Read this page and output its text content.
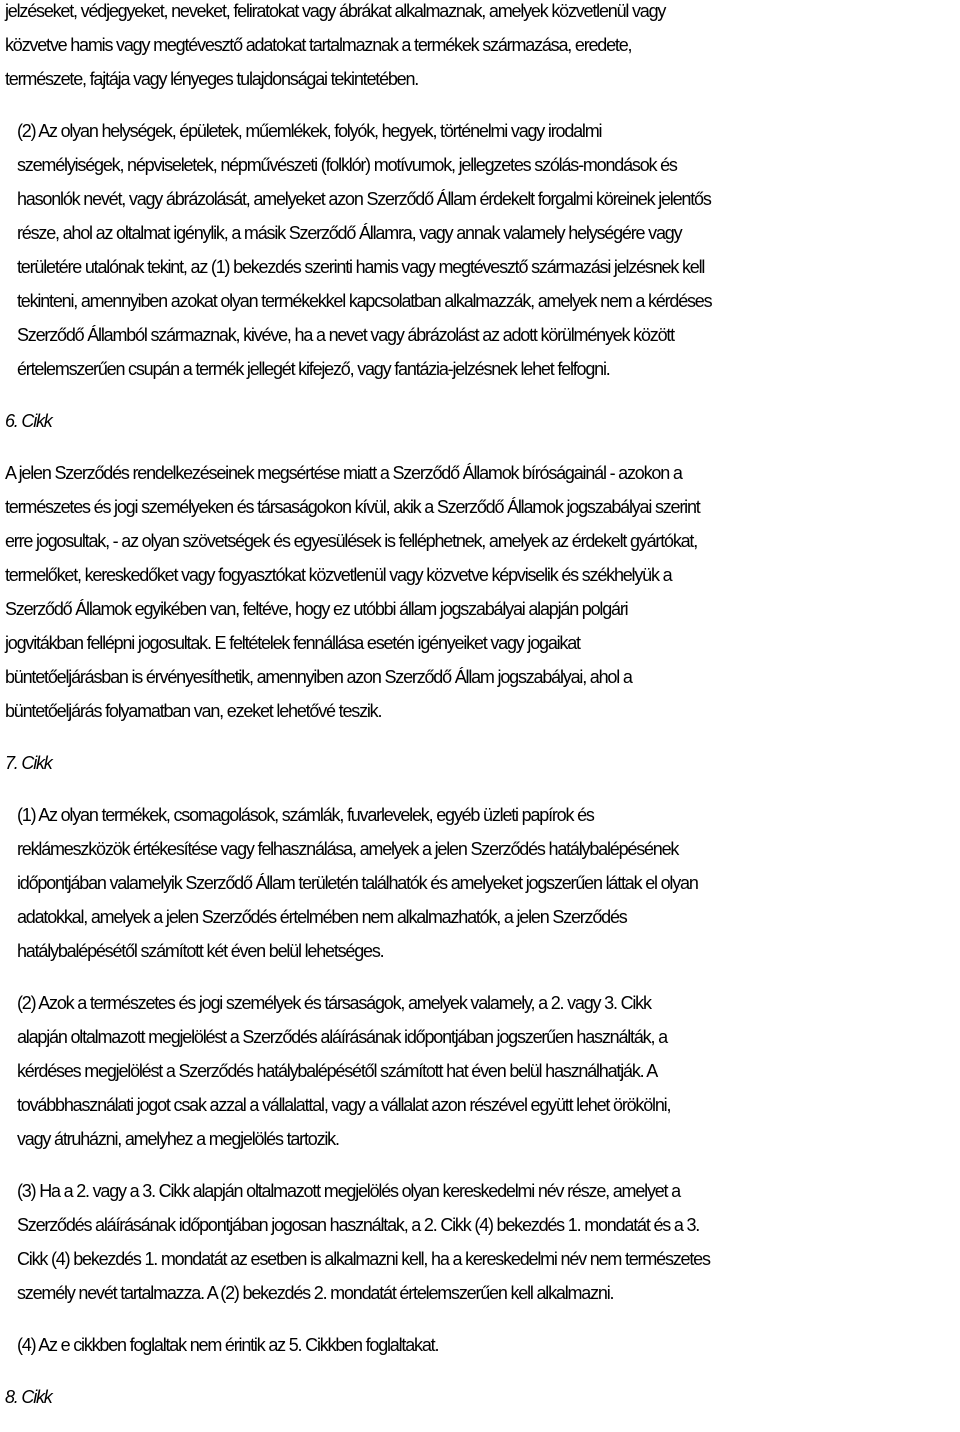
jelzéseket, védjegyeket, neveket, feliratokat vagy ábrákat alkalmaznak, amelyek közvetlenül vagy
közvetve hamis vagy megtévesztő adatokat tartalmaznak a termékek származása, eredete,
természete, fajtája vagy lényeges tulajdonságai tekintetében.

(2) Az olyan helységek, épületek, műemlékek, folyók, hegyek, történelmi vagy irodalmi
személyiségek, népviseletek, népművészeti (folklór) motívumok, jellegzetes szólás-mondások és
hasonlók nevét, vagy ábrázolását, amelyeket azon Szerződő Állam érdekelt forgalmi köreinek jelentős
része, ahol az oltalmat igénylik, a másik Szerződő Államra, vagy annak valamely helységére vagy
területére utalónak tekint, az (1) bekezdés szerinti hamis vagy megtévesztő származási jelzésnek kell
tekinteni, amennyiben azokat olyan termékekkel kapcsolatban alkalmazzák, amelyek nem a kérdéses
Szerződő Államból származnak, kivéve, ha a nevet vagy ábrázolást az adott körülmények között
értelemszerűen csupán a termék jellegét kifejező, vagy fantázia-jelzésnek lehet felfogni.

6. Cikk

A jelen Szerződés rendelkezéseinek megsértése miatt a Szerződő Államok bíróságainál - azokon a
természetes és jogi személyeken és társaságokon kívül, akik a Szerződő Államok jogszabályai szerint
erre jogosultak, - az olyan szövetségek és egyesülések is felléphetnek, amelyek az érdekelt gyártókat,
termelőket, kereskedőket vagy fogyasztókat közvetlenül vagy közvetve képviselik és székhelyük a
Szerződő Államok egyikében van, feltéve, hogy ez utóbbi állam jogszabályai alapján polgári
jogvitákban fellépni jogosultak. E feltételek fennállása esetén igényeiket vagy jogaikat
büntetőeljárásban is érvényesíthetik, amennyiben azon Szerződő Állam jogszabályai, ahol a
büntetőeljárás folyamatban van, ezeket lehetővé teszik.

7. Cikk

(1) Az olyan termékek, csomagolások, számlák, fuvarlevelek, egyéb üzleti papírok és
reklámeszközök értékesítése vagy felhasználása, amelyek a jelen Szerződés hatálybalépésének
időpontjában valamelyik Szerződő Állam területén találhatók és amelyeket jogszerűen láttak el olyan
adatokkal, amelyek a jelen Szerződés értelmében nem alkalmazhatók, a jelen Szerződés
hatálybalépésétől számított két éven belül lehetséges.

(2) Azok a természetes és jogi személyek és társaságok, amelyek valamely, a 2. vagy 3. Cikk
alapján oltalmazott megjelölést a Szerződés aláírásának időpontjában jogszerűen használták, a
kérdéses megjelölést a Szerződés hatálybalépésétől számított hat éven belül használhatják. A
továbbhasználati jogot csak azzal a vállalattal, vagy a vállalat azon részével együtt lehet örökölni,
vagy átruházni, amelyhez a megjelölés tartozik.

(3) Ha a 2. vagy a 3. Cikk alapján oltalmazott megjelölés olyan kereskedelmi név része, amelyet a
Szerződés aláírásának időpontjában jogosan használtak, a 2. Cikk (4) bekezdés 1. mondatát és a 3.
Cikk (4) bekezdés 1. mondatát az esetben is alkalmazni kell, ha a kereskedelmi név nem természetes
személy nevét tartalmazza. A (2) bekezdés 2. mondatát értelemszerűen kell alkalmazni.

(4) Az e cikkben foglaltak nem érintik az 5. Cikkben foglaltakat.

8. Cikk
